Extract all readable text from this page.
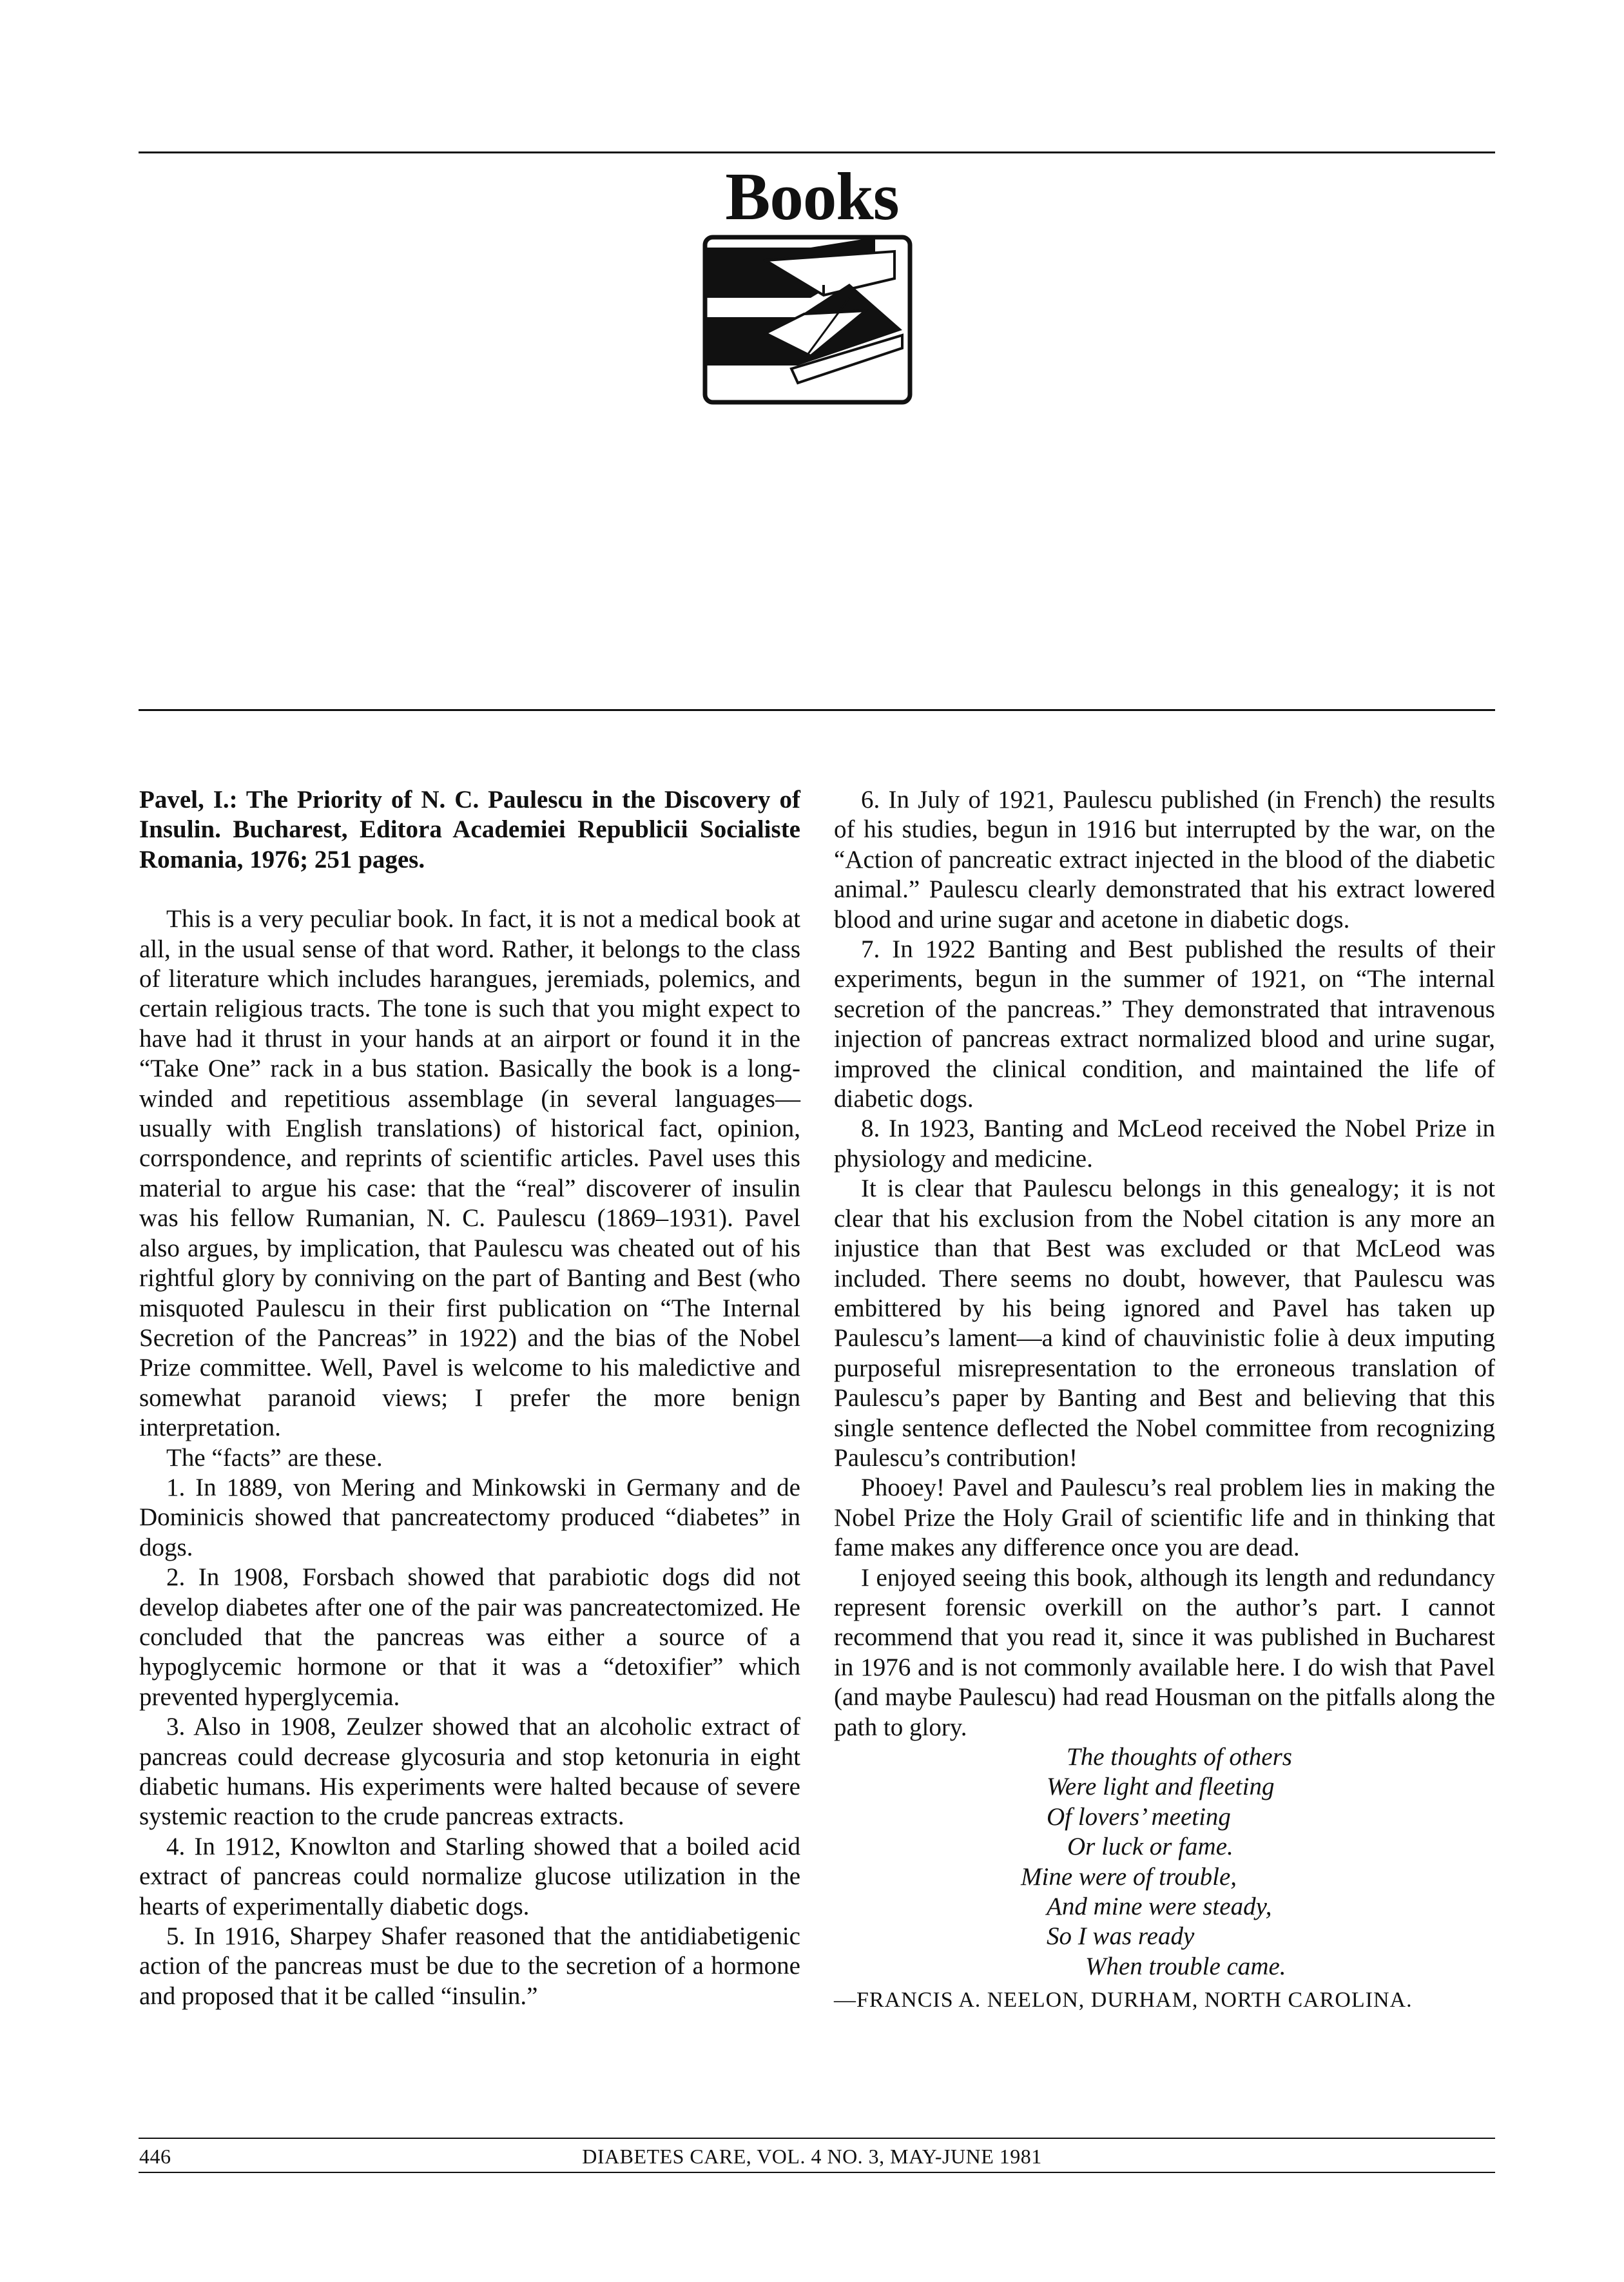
Books

Pavel, I.: The Priority of N. C. Paulescu in the Discovery of Insulin. Bucharest, Editora Academiei Republicii Socialiste Romania, 1976; 251 pages.

This is a very peculiar book. In fact, it is not a medical book at all, in the usual sense of that word. Rather, it belongs to the class of literature which includes harangues, jeremiads, polemics, and certain religious tracts. The tone is such that you might expect to have had it thrust in your hands at an airport or found it in the “Take One” rack in a bus station. Basically the book is a long-winded and repetitious assemblage (in several languages—usually with English translations) of historical fact, opinion, corrspondence, and reprints of scientific articles. Pavel uses this material to argue his case: that the “real” discoverer of insulin was his fellow Rumanian, N. C. Paulescu (1869–1931). Pavel also argues, by implication, that Paulescu was cheated out of his rightful glory by conniving on the part of Banting and Best (who misquoted Paulescu in their first publication on “The Internal Secretion of the Pancreas” in 1922) and the bias of the Nobel Prize committee. Well, Pavel is welcome to his maledictive and somewhat paranoid views; I prefer the more benign interpretation.

The “facts” are these.

1. In 1889, von Mering and Minkowski in Germany and de Dominicis showed that pancreatectomy produced “diabetes” in dogs.

2. In 1908, Forsbach showed that parabiotic dogs did not develop diabetes after one of the pair was pancreatectomized. He concluded that the pancreas was either a source of a hypoglycemic hormone or that it was a “detoxifier” which prevented hyperglycemia.

3. Also in 1908, Zeulzer showed that an alcoholic extract of pancreas could decrease glycosuria and stop ketonuria in eight diabetic humans. His experiments were halted because of severe systemic reaction to the crude pancreas extracts.

4. In 1912, Knowlton and Starling showed that a boiled acid extract of pancreas could normalize glucose utilization in the hearts of experimentally diabetic dogs.

5. In 1916, Sharpey Shafer reasoned that the antidiabetigenic action of the pancreas must be due to the secretion of a hormone and proposed that it be called “insulin.”

6. In July of 1921, Paulescu published (in French) the results of his studies, begun in 1916 but interrupted by the war, on the “Action of pancreatic extract injected in the blood of the diabetic animal.” Paulescu clearly demonstrated that his extract lowered blood and urine sugar and acetone in diabetic dogs.

7. In 1922 Banting and Best published the results of their experiments, begun in the summer of 1921, on “The internal secretion of the pancreas.” They demonstrated that intravenous injection of pancreas extract normalized blood and urine sugar, improved the clinical condition, and maintained the life of diabetic dogs.

8. In 1923, Banting and McLeod received the Nobel Prize in physiology and medicine.

It is clear that Paulescu belongs in this genealogy; it is not clear that his exclusion from the Nobel citation is any more an injustice than that Best was excluded or that McLeod was included. There seems no doubt, however, that Paulescu was embittered by his being ignored and Pavel has taken up Paulescu’s lament—a kind of chauvinistic folie à deux imputing purposeful misrepresentation to the erroneous translation of Paulescu’s paper by Banting and Best and believing that this single sentence deflected the Nobel committee from recognizing Paulescu’s contribution!

Phooey! Pavel and Paulescu’s real problem lies in making the Nobel Prize the Holy Grail of scientific life and in thinking that fame makes any difference once you are dead.

I enjoyed seeing this book, although its length and redundancy represent forensic overkill on the author’s part. I cannot recommend that you read it, since it was published in Bucharest in 1976 and is not commonly available here. I do wish that Pavel (and maybe Paulescu) had read Housman on the pitfalls along the path to glory.

The thoughts of others
Were light and fleeting
Of lovers’ meeting
Or luck or fame.
Mine were of trouble,
And mine were steady,
So I was ready
When trouble came.

—FRANCIS A. NEELON, DURHAM, NORTH CAROLINA.

446	DIABETES CARE, VOL. 4 NO. 3, MAY-JUNE 1981
